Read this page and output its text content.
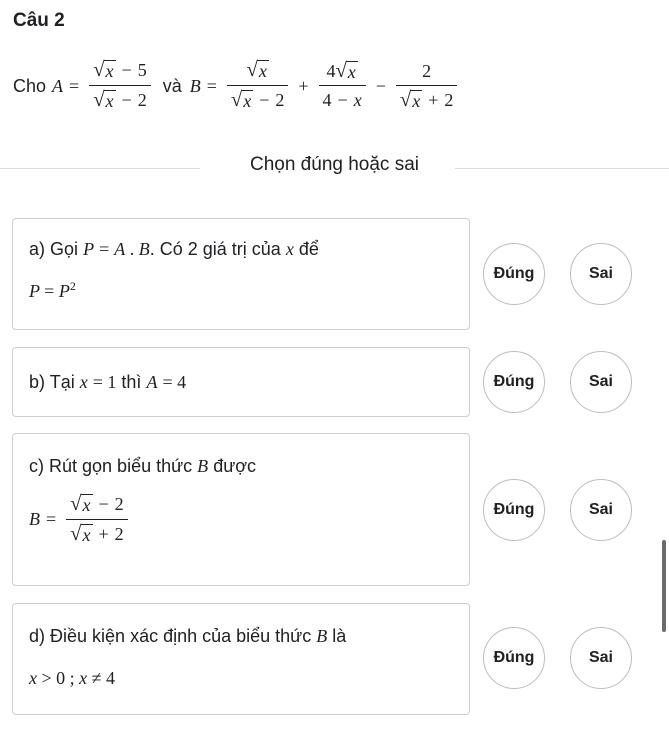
Câu 2
Cho $A = \frac{√ x - 5}{√ x - 2}$ và $B = \frac{√ x}{√ x - 2} + \frac{4 √ x}{4 - x} - \frac{2}{√ x + 2}$
Chọn đúng hoặc sai
a) Gọi P = A . B. Có 2 giá trị của x để
$P = P^2$
Đúng	Sai
b) Tại x = 1 thì A = 4	Đúng	Sai
c) Rút gọn biểu thức B được
$B = \frac{√ x - 2}{√ x + 2}$	Đúng	Sai
d) Điều kiện xác định của biểu thức B là
x > 0 ; x ≠ 4
Đúng	Sai
